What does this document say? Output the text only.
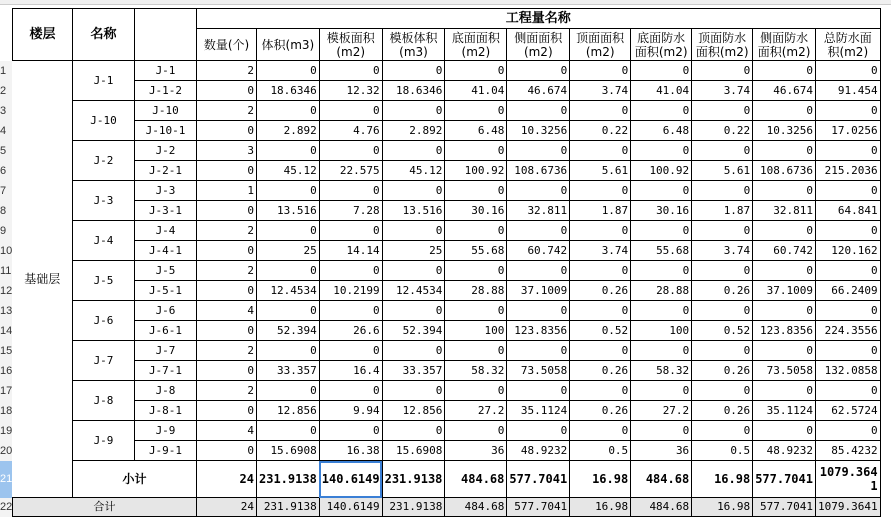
1
2
3
4
5
6
7
8
9
10
11
12
13
14
15
16
17
18
19
20
21
22
楼层	名称		工程量名称										
			数量(个)	体积(m3)	模板面积(m2)	模板体积(m3)	底面面积(m2)	侧面面积(m2)	顶面面积(m2)	底面防水面积(m2)	顶面防水面积(m2)	侧面防水面积(m2)	总防水面积(m2)
基础层	J-1	J-1	2	0	0	0	0	0	0	0	0	0	0
		J-1-2	0	18.6346	12.32	18.6346	41.04	46.674	3.74	41.04	3.74	46.674	91.454
	J-10	J-10	2	0	0	0	0	0	0	0	0	0	0
		J-10-1	0	2.892	4.76	2.892	6.48	10.3256	0.22	6.48	0.22	10.3256	17.0256
	J-2	J-2	3	0	0	0	0	0	0	0	0	0	0
		J-2-1	0	45.12	22.575	45.12	100.92	108.6736	5.61	100.92	5.61	108.6736	215.2036
	J-3	J-3	1	0	0	0	0	0	0	0	0	0	0
		J-3-1	0	13.516	7.28	13.516	30.16	32.811	1.87	30.16	1.87	32.811	64.841
	J-4	J-4	2	0	0	0	0	0	0	0	0	0	0
		J-4-1	0	25	14.14	25	55.68	60.742	3.74	55.68	3.74	60.742	120.162
	J-5	J-5	2	0	0	0	0	0	0	0	0	0	0
		J-5-1	0	12.4534	10.2199	12.4534	28.88	37.1009	0.26	28.88	0.26	37.1009	66.2409
	J-6	J-6	4	0	0	0	0	0	0	0	0	0	0
		J-6-1	0	52.394	26.6	52.394	100	123.8356	0.52	100	0.52	123.8356	224.3556
	J-7	J-7	2	0	0	0	0	0	0	0	0	0	0
		J-7-1	0	33.357	16.4	33.357	58.32	73.5058	0.26	58.32	0.26	73.5058	132.0858
	J-8	J-8	2	0	0	0	0	0	0	0	0	0	0
		J-8-1	0	12.856	9.94	12.856	27.2	35.1124	0.26	27.2	0.26	35.1124	62.5724
	J-9	J-9	4	0	0	0	0	0	0	0	0	0	0
		J-9-1	0	15.6908	16.38	15.6908	36	48.9232	0.5	36	0.5	48.9232	85.4232
	小计		24	231.9138	140.6149	231.9138	484.68	577.7041	16.98	484.68	16.98	577.7041	1079.3641
合计			24	231.9138	140.6149	231.9138	484.68	577.7041	16.98	484.68	16.98	577.7041	1079.3641
